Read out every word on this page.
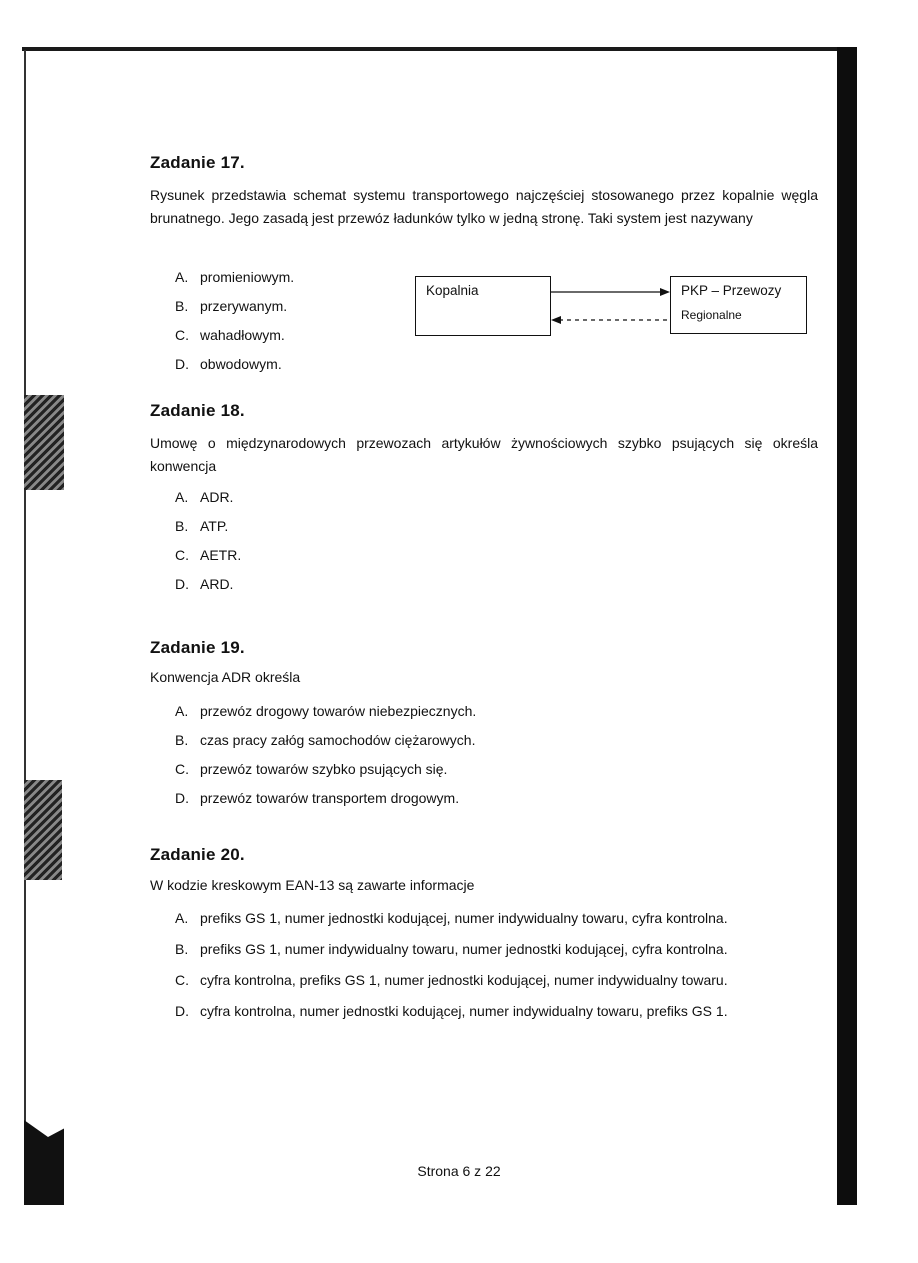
Zadanie 17.
Rysunek przedstawia schemat systemu transportowego najczęściej stosowanego przez kopalnie węgla brunatnego. Jego zasadą jest przewóz ładunków tylko w jedną stronę. Taki system jest nazywany
A. promieniowym.
B. przerywanym.
C. wahadłowym.
D. obwodowym.
Kopalnia	PKP – Przewozy
Regionalne
Zadanie 18.
Umowę o międzynarodowych przewozach artykułów żywnościowych szybko psujących się określa konwencja
A. ADR.
B. ATP.
C. AETR.
D. ARD.
Zadanie 19.
Konwencja ADR określa
A. przewóz drogowy towarów niebezpiecznych.
B. czas pracy załóg samochodów ciężarowych.
C. przewóz towarów szybko psujących się.
D. przewóz towarów transportem drogowym.
Zadanie 20.
W kodzie kreskowym EAN-13 są zawarte informacje
A. prefiks GS 1, numer jednostki kodującej, numer indywidualny towaru, cyfra kontrolna.
B. prefiks GS 1, numer indywidualny towaru, numer jednostki kodującej, cyfra kontrolna.
C. cyfra kontrolna, prefiks GS 1, numer jednostki kodującej, numer indywidualny towaru.
D. cyfra kontrolna, numer jednostki kodującej, numer indywidualny towaru, prefiks GS 1.
Strona 6 z 22
